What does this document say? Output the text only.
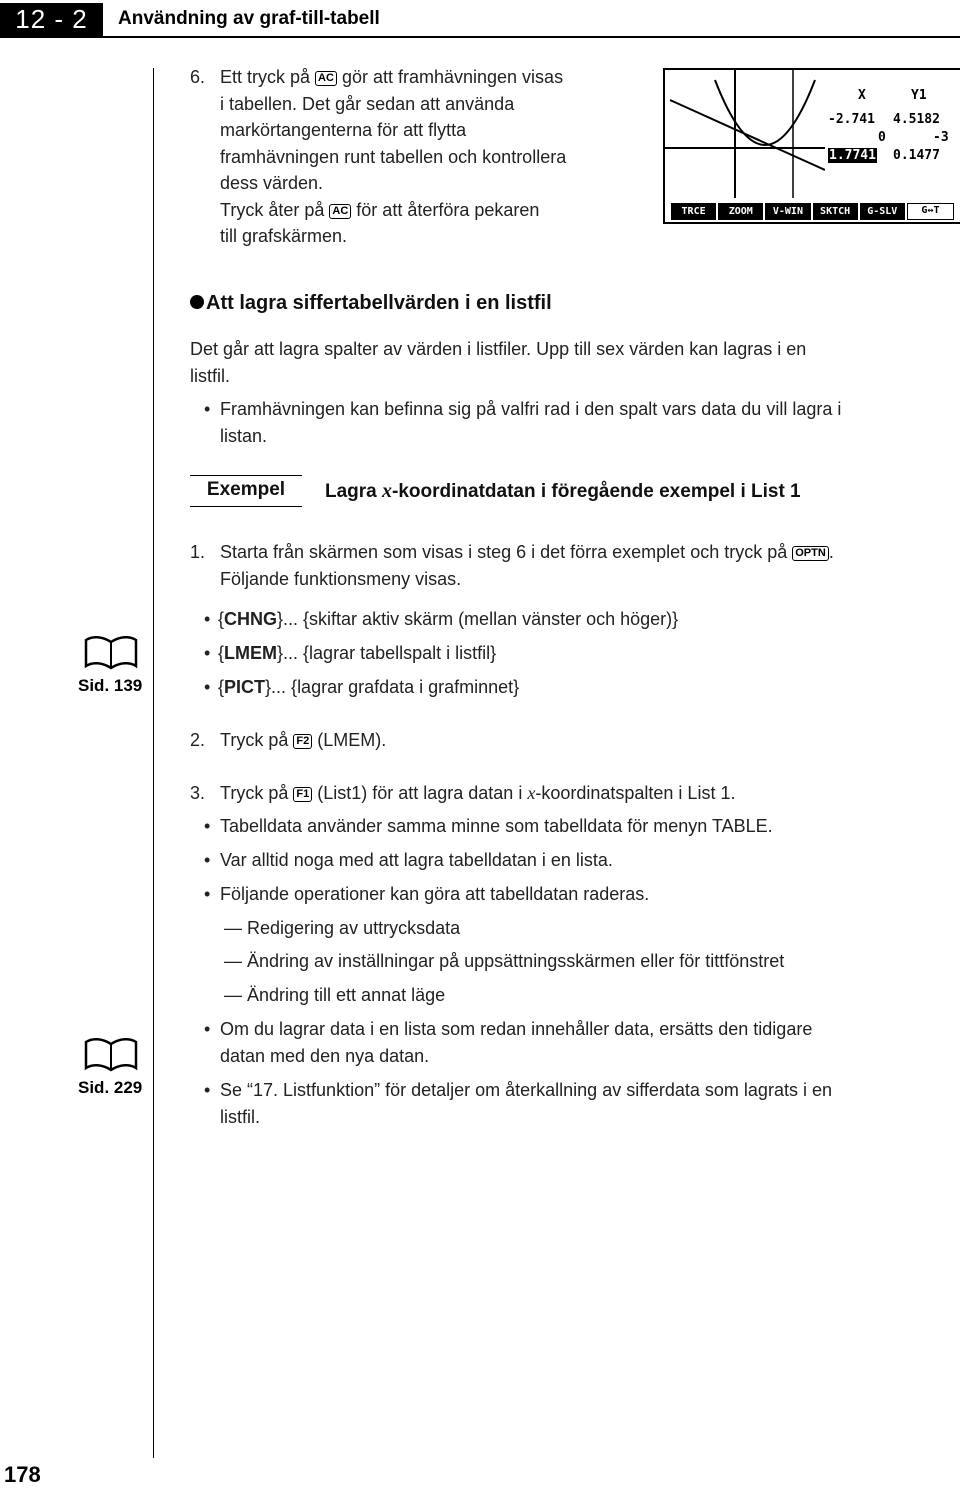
12 - 2	Användning av graf-till-tabell
6. Ett tryck på AC gör att framhävningen visas
i tabellen. Det går sedan att använda
markörtangenterna för att flytta
framhävningen runt tabellen och kontrollera
dess värden.
Tryck åter på AC för att återföra pekaren
till grafskärmen.
X	Y1
-2.741 4.5182
0	-3
1.7741 0.1477
TRCE	ZOOM	V-WIN	SKTCH	G-SLV	G↔T
Att lagra siffertabellvärden i en listfil
Det går att lagra spalter av värden i listfiler. Upp till sex värden kan lagras i en
listfil.
• Framhävningen kan befinna sig på valfri rad i den spalt vars data du vill lagra i
listan.
Exempel	Lagra x-koordinatdatan i föregående exempel i List 1
1. Starta från skärmen som visas i steg 6 i det förra exemplet och tryck på OPTN .
Följande funktionsmeny visas.
• {CHNG}... {skiftar aktiv skärm (mellan vänster och höger)}
• {LMEM}... {lagrar tabellspalt i listfil}
• {PICT}... {lagrar grafdata i grafminnet}
Sid. 139
2. Tryck på F2 (LMEM).
3. Tryck på F1 (List1) för att lagra datan i x-koordinatspalten i List 1.
• Tabelldata använder samma minne som tabelldata för menyn TABLE.
• Var alltid noga med att lagra tabelldatan i en lista.
• Följande operationer kan göra att tabelldatan raderas.
— Redigering av uttrycksdata
— Ändring av inställningar på uppsättningsskärmen eller för tittfönstret
— Ändring till ett annat läge
• Om du lagrar data i en lista som redan innehåller data, ersätts den tidigare
datan med den nya datan.
• Se “17. Listfunktion” för detaljer om återkallning av sifferdata som lagrats i en
listfil.
Sid. 229
178
